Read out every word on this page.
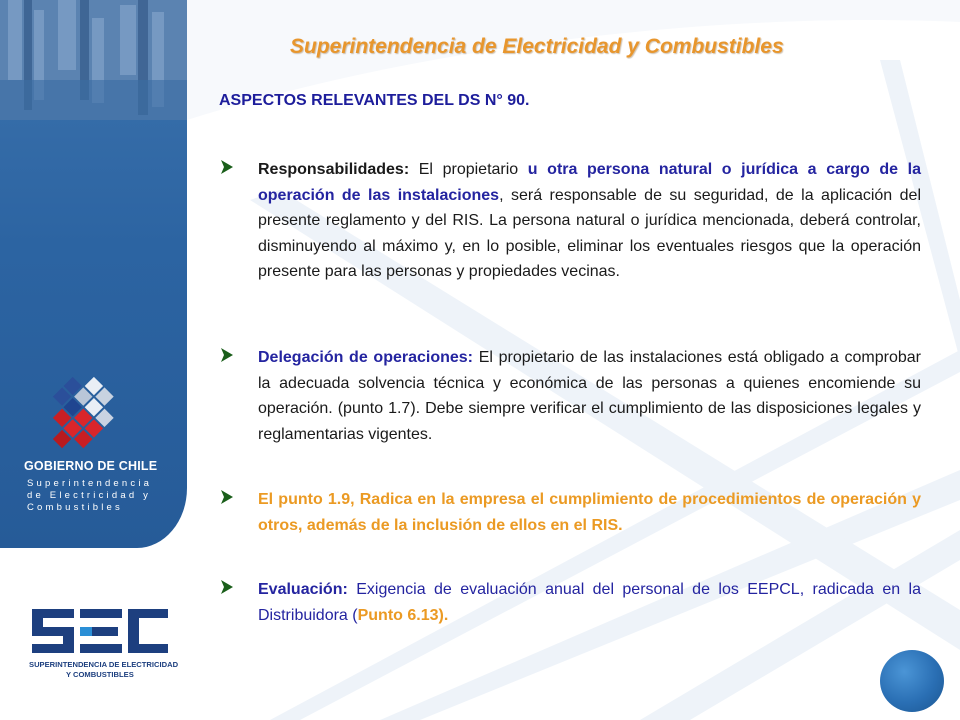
GOBIERNO DE CHILE
Superintendencia
de Electricidad y
Combustibles
Superintendencia de Electricidad y Combustibles
ASPECTOS RELEVANTES DEL DS N° 90.
Responsabilidades: El propietario u otra persona natural o jurídica a cargo de la operación de las instalaciones, será responsable de su seguridad, de la aplicación del presente reglamento y del RIS. La persona natural o jurídica mencionada, deberá controlar, disminuyendo al máximo y, en lo posible, eliminar los eventuales riesgos que la operación presente para las personas y propiedades vecinas.
Delegación de operaciones: El propietario de las instalaciones está obligado a comprobar la adecuada solvencia técnica y económica de las personas a quienes encomiende su operación. (punto 1.7). Debe siempre verificar el cumplimiento de las disposiciones legales y reglamentarias vigentes.
El punto 1.9, Radica en la empresa el cumplimiento de procedimientos de operación y otros, además de la inclusión de ellos en el RIS.
Evaluación: Exigencia de evaluación anual del personal de los EEPCL, radicada en la Distribuidora (Punto 6.13).
SUPERINTENDENCIA DE ELECTRICIDAD
Y COMBUSTIBLES
